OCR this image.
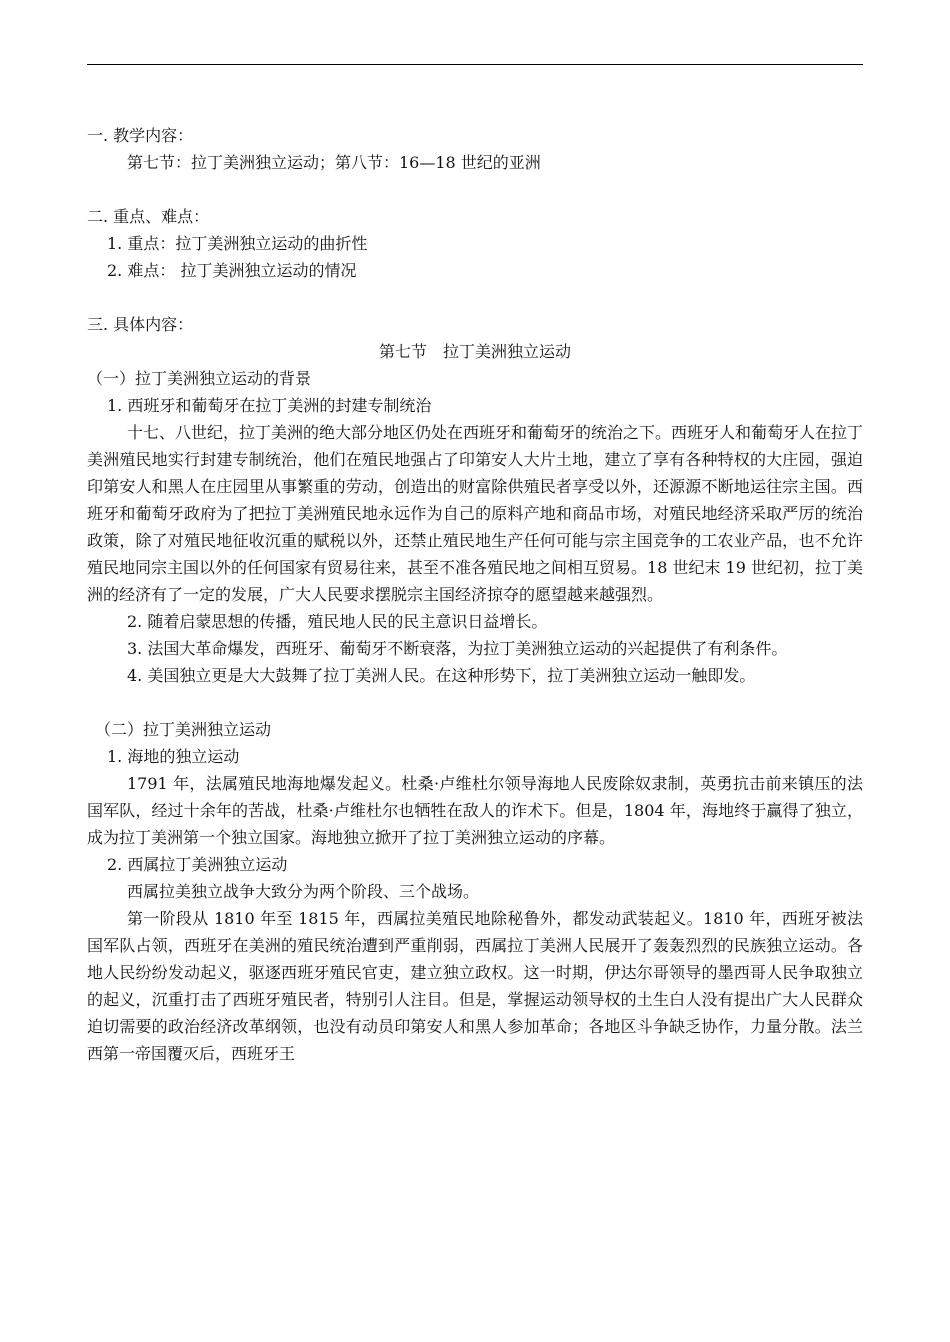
一. 教学内容：
第七节：拉丁美洲独立运动；第八节：16—18 世纪的亚洲
二. 重点、难点：
1. 重点：拉丁美洲独立运动的曲折性
2. 难点： 拉丁美洲独立运动的情况
三. 具体内容：
第七节　拉丁美洲独立运动
（一）拉丁美洲独立运动的背景
1. 西班牙和葡萄牙在拉丁美洲的封建专制统治
十七、八世纪，拉丁美洲的绝大部分地区仍处在西班牙和葡萄牙的统治之下。西班牙人和葡萄牙人在拉丁美洲殖民地实行封建专制统治，他们在殖民地强占了印第安人大片土地，建立了享有各种特权的大庄园，强迫印第安人和黑人在庄园里从事繁重的劳动，创造出的财富除供殖民者享受以外，还源源不断地运往宗主国。西班牙和葡萄牙政府为了把拉丁美洲殖民地永远作为自己的原料产地和商品市场，对殖民地经济采取严厉的统治政策，除了对殖民地征收沉重的赋税以外，还禁止殖民地生产任何可能与宗主国竞争的工农业产品，也不允许殖民地同宗主国以外的任何国家有贸易往来，甚至不准各殖民地之间相互贸易。18 世纪末 19 世纪初，拉丁美洲的经济有了一定的发展，广大人民要求摆脱宗主国经济掠夺的愿望越来越强烈。
2. 随着启蒙思想的传播，殖民地人民的民主意识日益增长。
3. 法国大革命爆发，西班牙、葡萄牙不断衰落，为拉丁美洲独立运动的兴起提供了有利条件。
4. 美国独立更是大大鼓舞了拉丁美洲人民。在这种形势下，拉丁美洲独立运动一触即发。
（二）拉丁美洲独立运动
1. 海地的独立运动
1791 年，法属殖民地海地爆发起义。杜桑·卢维杜尔领导海地人民废除奴隶制，英勇抗击前来镇压的法国军队，经过十余年的苦战，杜桑·卢维杜尔也牺牲在敌人的诈术下。但是，1804 年，海地终于赢得了独立，成为拉丁美洲第一个独立国家。海地独立掀开了拉丁美洲独立运动的序幕。
2. 西属拉丁美洲独立运动
西属拉美独立战争大致分为两个阶段、三个战场。
第一阶段从 1810 年至 1815 年，西属拉美殖民地除秘鲁外，都发动武装起义。1810 年，西班牙被法国军队占领，西班牙在美洲的殖民统治遭到严重削弱，西属拉丁美洲人民展开了轰轰烈烈的民族独立运动。各地人民纷纷发动起义，驱逐西班牙殖民官吏，建立独立政权。这一时期，伊达尔哥领导的墨西哥人民争取独立的起义，沉重打击了西班牙殖民者，特别引人注目。但是，掌握运动领导权的土生白人没有提出广大人民群众迫切需要的政治经济改革纲领，也没有动员印第安人和黑人参加革命；各地区斗争缺乏协作，力量分散。法兰西第一帝国覆灭后，西班牙王
